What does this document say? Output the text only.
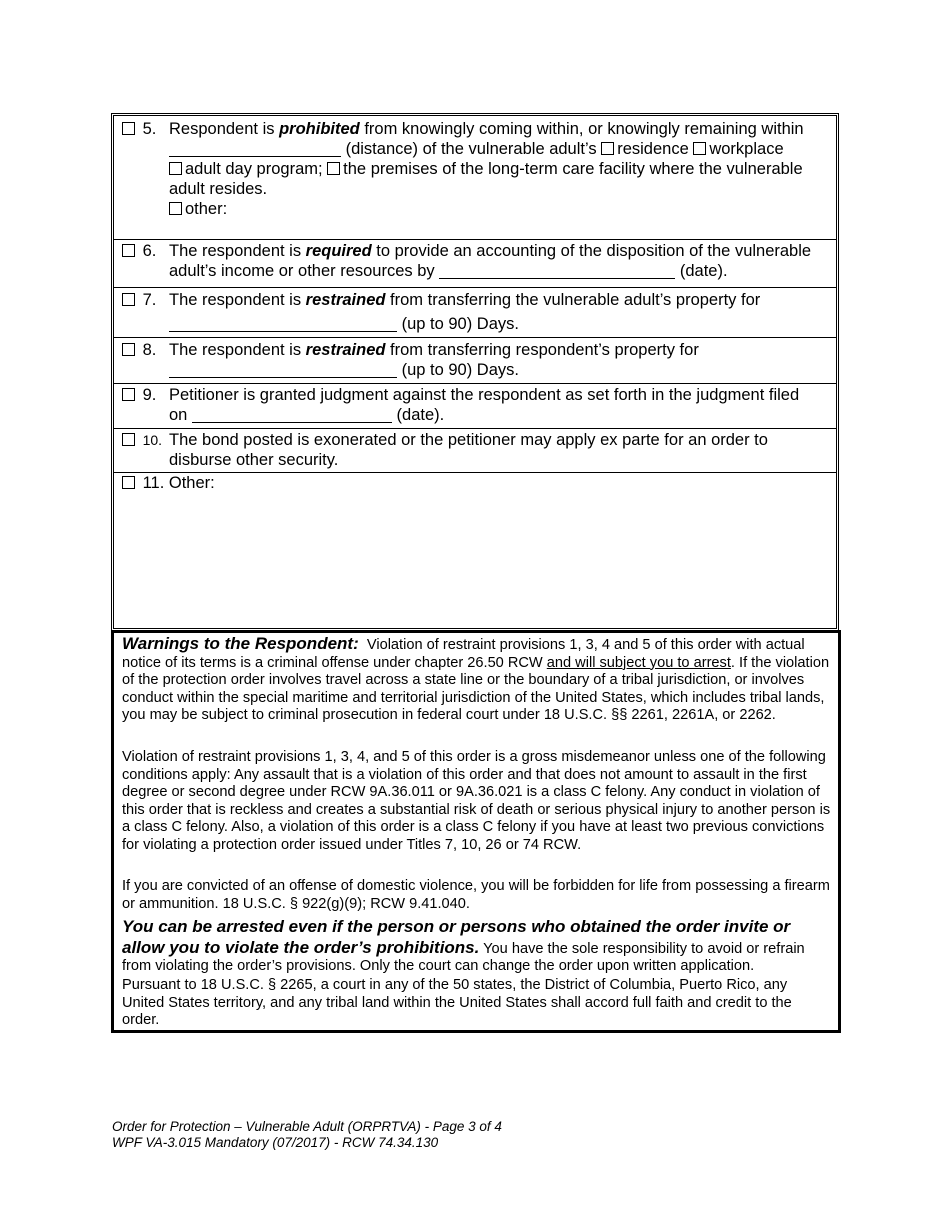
5. Respondent is prohibited from knowingly coming within, or knowingly remaining within
(distance) of the vulnerable adult’s residence workplace
adult day program; the premises of the long-term care facility where the vulnerable
adult resides.
other:
6. The respondent is required to provide an accounting of the disposition of the vulnerable
adult’s income or other resources by	(date).
7. The respondent is restrained from transferring the vulnerable adult’s property for
(up to 90) Days.
8. The respondent is restrained from transferring respondent’s property for
(up to 90) Days.
9. Petitioner is granted judgment against the respondent as set forth in the judgment filed
on	(date).
10. The bond posted is exonerated or the petitioner may apply ex parte for an order to
disburse other security.
11. Other:
Warnings to the Respondent: Violation of restraint provisions 1, 3, 4 and 5 of this order with actual notice of its terms is a criminal offense under chapter 26.50 RCW and will subject you to arrest. If the violation of the protection order involves travel across a state line or the boundary of a tribal jurisdiction, or involves conduct within the special maritime and territorial jurisdiction of the United States, which includes tribal lands, you may be subject to criminal prosecution in federal court under 18 U.S.C. §§ 2261, 2261A, or 2262.
Violation of restraint provisions 1, 3, 4, and 5 of this order is a gross misdemeanor unless one of the following conditions apply: Any assault that is a violation of this order and that does not amount to assault in the first degree or second degree under RCW 9A.36.011 or 9A.36.021 is a class C felony. Any conduct in violation of this order that is reckless and creates a substantial risk of death or serious physical injury to another person is a class C felony. Also, a violation of this order is a class C felony if you have at least two previous convictions for violating a protection order issued under Titles 7, 10, 26 or 74 RCW.
If you are convicted of an offense of domestic violence, you will be forbidden for life from possessing a firearm or ammunition. 18 U.S.C. § 922(g)(9); RCW 9.41.040.
You can be arrested even if the person or persons who obtained the order invite or allow you to violate the order’s prohibitions. You have the sole responsibility to avoid or refrain from violating the order’s provisions. Only the court can change the order upon written application.
Pursuant to 18 U.S.C. § 2265, a court in any of the 50 states, the District of Columbia, Puerto Rico, any United States territory, and any tribal land within the United States shall accord full faith and credit to the order.
Order for Protection – Vulnerable Adult (ORPRTVA) - Page 3 of 4
WPF VA-3.015 Mandatory (07/2017) - RCW 74.34.130
